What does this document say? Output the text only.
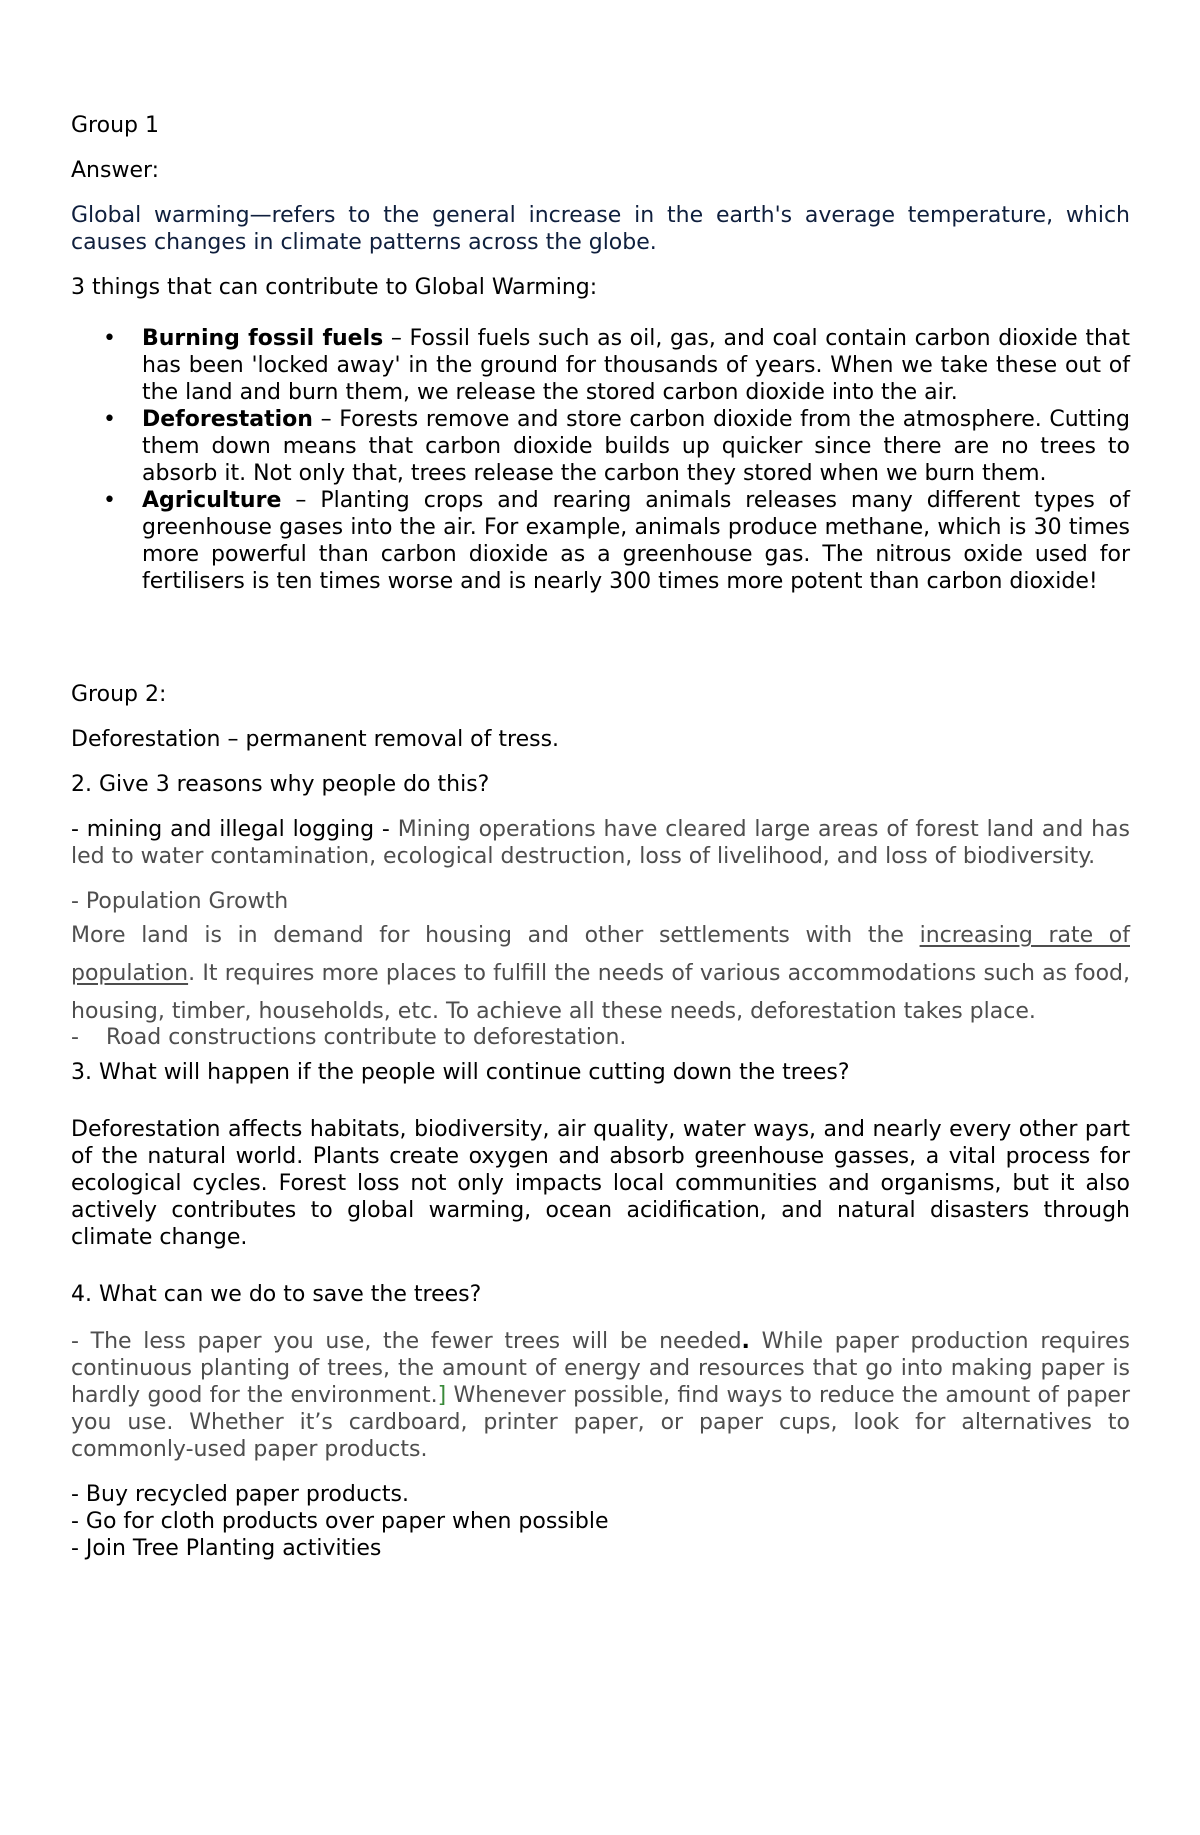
Group 1

Answer:

Global warming—refers to the general increase in the earth's average temperature, which causes changes in climate patterns across the globe.

3 things that can contribute to Global Warming:

• Burning fossil fuels – Fossil fuels such as oil, gas, and coal contain carbon dioxide that has been 'locked away' in the ground for thousands of years. When we take these out of the land and burn them, we release the stored carbon dioxide into the air.
• Deforestation – Forests remove and store carbon dioxide from the atmosphere. Cutting them down means that carbon dioxide builds up quicker since there are no trees to absorb it. Not only that, trees release the carbon they stored when we burn them.
• Agriculture – Planting crops and rearing animals releases many different types of greenhouse gases into the air. For example, animals produce methane, which is 30 times more powerful than carbon dioxide as a greenhouse gas. The nitrous oxide used for fertilisers is ten times worse and is nearly 300 times more potent than carbon dioxide!

Group 2:

Deforestation – permanent removal of tress.

2. Give 3 reasons why people do this?

- mining and illegal logging - Mining operations have cleared large areas of forest land and has led to water contamination, ecological destruction, loss of livelihood, and loss of biodiversity.

- Population Growth

More land is in demand for housing and other settlements with the increasing rate of population. It requires more places to fulfill the needs of various accommodations such as food, housing, timber, households, etc. To achieve all these needs, deforestation takes place.

- Road constructions contribute to deforestation.

3. What will happen if the people will continue cutting down the trees?

Deforestation affects habitats, biodiversity, air quality, water ways, and nearly every other part of the natural world. Plants create oxygen and absorb greenhouse gasses, a vital process for ecological cycles. Forest loss not only impacts local communities and organisms, but it also actively contributes to global warming, ocean acidification, and natural disasters through climate change.

4. What can we do to save the trees?

- The less paper you use, the fewer trees will be needed. While paper production requires continuous planting of trees, the amount of energy and resources that go into making paper is hardly good for the environment.] Whenever possible, find ways to reduce the amount of paper you use. Whether it’s cardboard, printer paper, or paper cups, look for alternatives to commonly-used paper products.

- Buy recycled paper products.

- Go for cloth products over paper when possible

- Join Tree Planting activities
